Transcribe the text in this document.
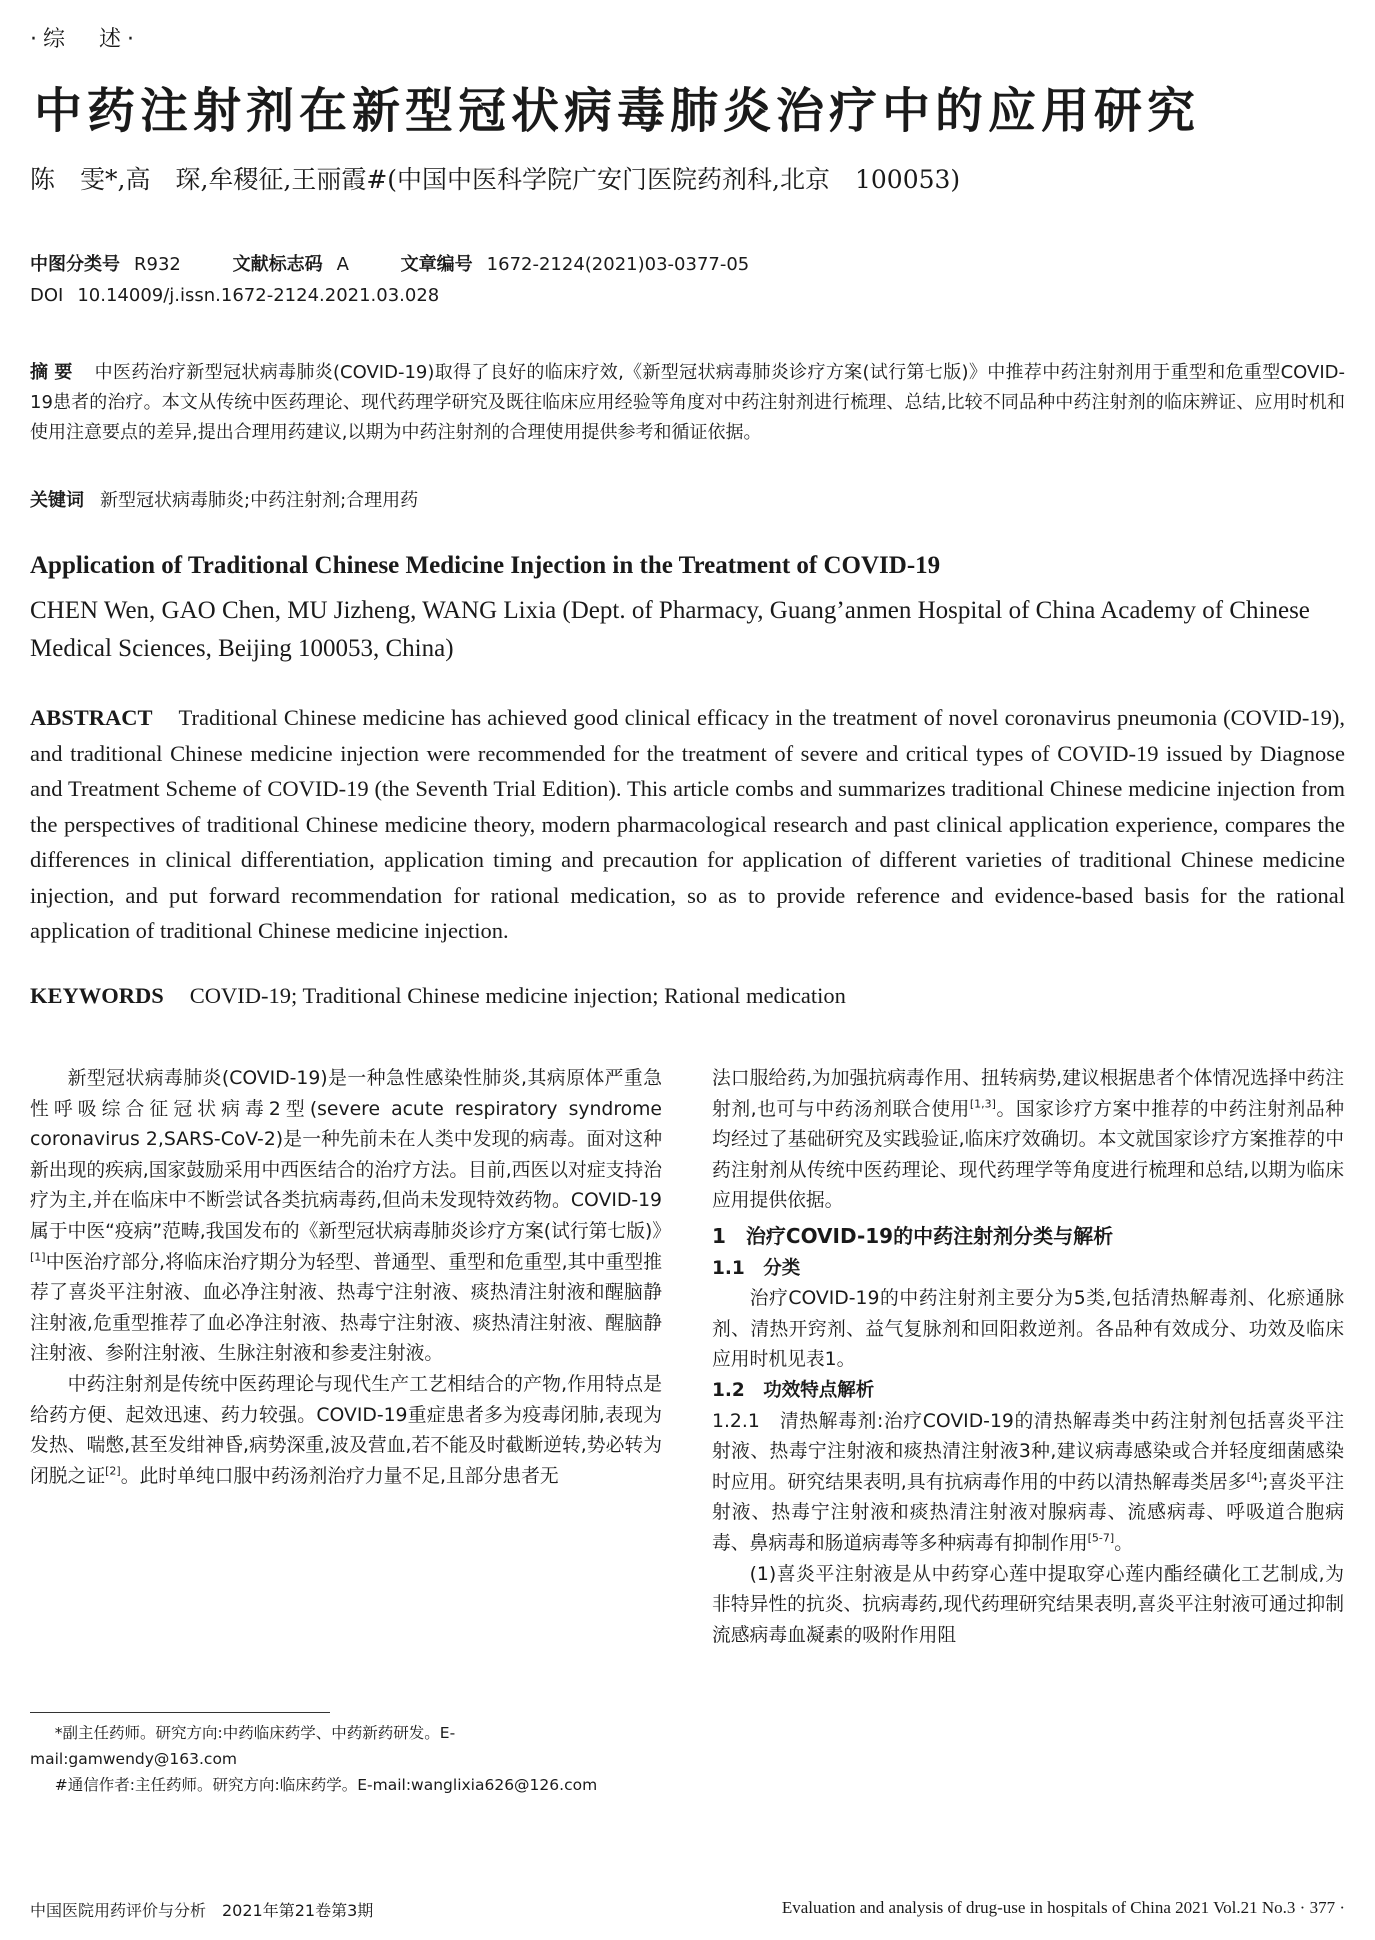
·综　述·
中药注射剂在新型冠状病毒肺炎治疗中的应用研究
陈　雯*,高　琛,牟稷征,王丽霞#(中国中医科学院广安门医院药剂科,北京　100053)
中图分类号 R932	文献标志码 A	文章编号 1672-2124(2021)03-0377-05
DOI 10.14009/j.issn.1672-2124.2021.03.028
摘要 中医药治疗新型冠状病毒肺炎(COVID-19)取得了良好的临床疗效,《新型冠状病毒肺炎诊疗方案(试行第七版)》中推荐中药注射剂用于重型和危重型COVID-19患者的治疗。本文从传统中医药理论、现代药理学研究及既往临床应用经验等角度对中药注射剂进行梳理、总结,比较不同品种中药注射剂的临床辨证、应用时机和使用注意要点的差异,提出合理用药建议,以期为中药注射剂的合理使用提供参考和循证依据。
关键词 新型冠状病毒肺炎;中药注射剂;合理用药
Application of Traditional Chinese Medicine Injection in the Treatment of COVID-19
CHEN Wen, GAO Chen, MU Jizheng, WANG Lixia (Dept. of Pharmacy, Guang’anmen Hospital of China Academy of Chinese Medical Sciences, Beijing 100053, China)
ABSTRACT Traditional Chinese medicine has achieved good clinical efficacy in the treatment of novel coronavirus pneumonia (COVID-19), and traditional Chinese medicine injection were recommended for the treatment of severe and critical types of COVID-19 issued by Diagnose and Treatment Scheme of COVID-19 (the Seventh Trial Edition). This article combs and summarizes traditional Chinese medicine injection from the perspectives of traditional Chinese medicine theory, modern pharmacological research and past clinical application experience, compares the differences in clinical differentiation, application timing and precaution for application of different varieties of traditional Chinese medicine injection, and put forward recommendation for rational medication, so as to provide reference and evidence-based basis for the rational application of traditional Chinese medicine injection.
KEYWORDS COVID-19; Traditional Chinese medicine injection; Rational medication

新型冠状病毒肺炎(COVID-19)是一种急性感染性肺炎,其病原体严重急性呼吸综合征冠状病毒2型(severe acute respiratory syndrome coronavirus 2,SARS-CoV-2)是一种先前未在人类中发现的病毒。面对这种新出现的疾病,国家鼓励采用中西医结合的治疗方法。目前,西医以对症支持治疗为主,并在临床中不断尝试各类抗病毒药,但尚未发现特效药物。COVID-19属于中医“疫病”范畴,我国发布的《新型冠状病毒肺炎诊疗方案(试行第七版)》[1]中医治疗部分,将临床治疗期分为轻型、普通型、重型和危重型,其中重型推荐了喜炎平注射液、血必净注射液、热毒宁注射液、痰热清注射液和醒脑静注射液,危重型推荐了血必净注射液、热毒宁注射液、痰热清注射液、醒脑静注射液、参附注射液、生脉注射液和参麦注射液。

中药注射剂是传统中医药理论与现代生产工艺相结合的产物,作用特点是给药方便、起效迅速、药力较强。COVID-19重症患者多为疫毒闭肺,表现为发热、喘憋,甚至发绀神昏,病势深重,波及营血,若不能及时截断逆转,势必转为闭脱之证[2]。此时单纯口服中药汤剂治疗力量不足,且部分患者无

法口服给药,为加强抗病毒作用、扭转病势,建议根据患者个体情况选择中药注射剂,也可与中药汤剂联合使用[1,3]。国家诊疗方案中推荐的中药注射剂品种均经过了基础研究及实践验证,临床疗效确切。本文就国家诊疗方案推荐的中药注射剂从传统中医药理论、现代药理学等角度进行梳理和总结,以期为临床应用提供依据。

1　治疗COVID-19的中药注射剂分类与解析

1.1　分类

治疗COVID-19的中药注射剂主要分为5类,包括清热解毒剂、化瘀通脉剂、清热开窍剂、益气复脉剂和回阳救逆剂。各品种有效成分、功效及临床应用时机见表1。

1.2　功效特点解析

1.2.1　清热解毒剂:治疗COVID-19的清热解毒类中药注射剂包括喜炎平注射液、热毒宁注射液和痰热清注射液3种,建议病毒感染或合并轻度细菌感染时应用。研究结果表明,具有抗病毒作用的中药以清热解毒类居多[4];喜炎平注射液、热毒宁注射液和痰热清注射液对腺病毒、流感病毒、呼吸道合胞病毒、鼻病毒和肠道病毒等多种病毒有抑制作用[5-7]。

(1)喜炎平注射液是从中药穿心莲中提取穿心莲内酯经磺化工艺制成,为非特异性的抗炎、抗病毒药,现代药理研究结果表明,喜炎平注射液可通过抑制流感病毒血凝素的吸附作用阻

*副主任药师。研究方向:中药临床药学、中药新药研发。E-mail:gamwendy@163.com

#通信作者:主任药师。研究方向:临床药学。E-mail:wanglixia626@126.com

中国医院用药评价与分析　2021年第21卷第3期	Evaluation and analysis of drug-use in hospitals of China 2021 Vol.21 No.3 · 377 ·
